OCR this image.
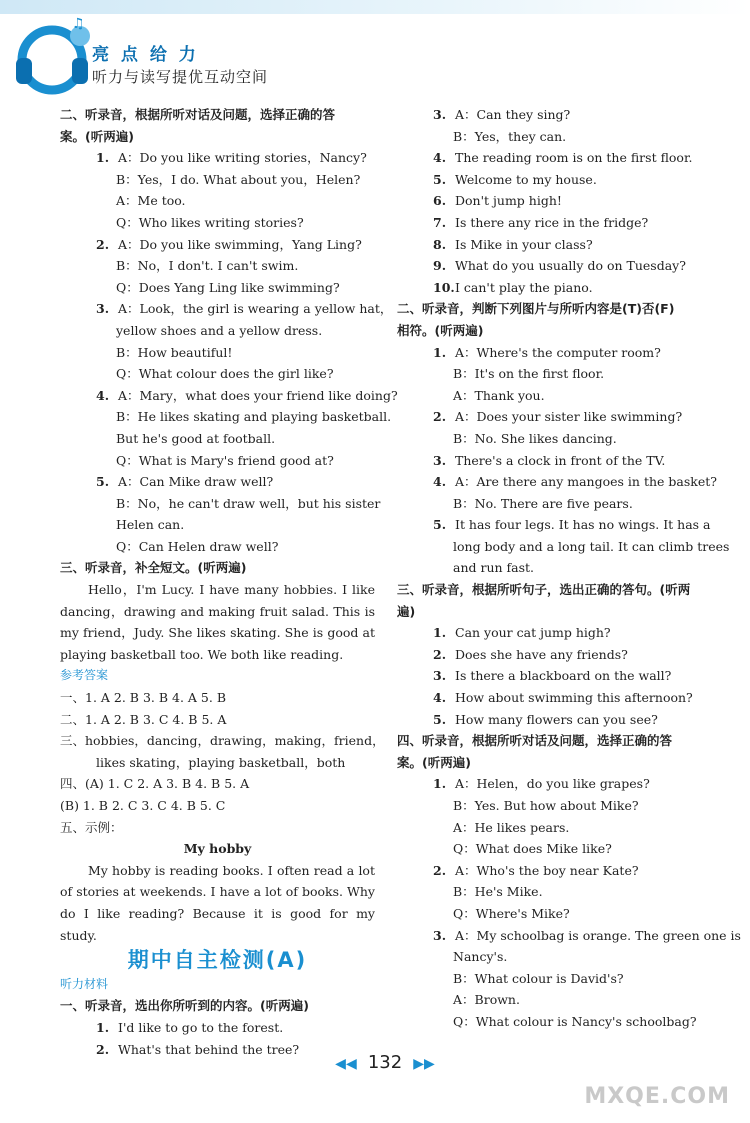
♫
亮 点 给 力
听力与读写提优互动空间
二、听录音，根据所听对话及问题，选择正确的答
案。(听两遍)
1. A：Do you like writing stories，Nancy?
B：Yes，I do. What about you，Helen?
A：Me too.
Q：Who likes writing stories?
2. A：Do you like swimming，Yang Ling?
B：No，I don't. I can't swim.
Q：Does Yang Ling like swimming?
3. A：Look，the girl is wearing a yellow hat，
yellow shoes and a yellow dress.
B：How beautiful!
Q：What colour does the girl like?
4. A：Mary，what does your friend like doing?
B：He likes skating and playing basketball.
But he's good at football.
Q：What is Mary's friend good at?
5. A：Can Mike draw well?
B：No，he can't draw well，but his sister
Helen can.
Q：Can Helen draw well?
三、听录音，补全短文。(听两遍)
Hello，I'm Lucy. I have many hobbies. I like dancing，drawing and making fruit salad. This is my friend，Judy. She likes skating. She is good at playing basketball too. We both like reading.
参考答案
一、1. A 2. B 3. B 4. A 5. B
二、1. A 2. B 3. C 4. B 5. A
三、hobbies，dancing，drawing，making，friend，
likes skating，playing basketball，both
四、(A) 1. C 2. A 3. B 4. B 5. A
(B) 1. B 2. C 3. C 4. B 5. C
五、示例：
My hobby
My hobby is reading books. I often read a lot of stories at weekends. I have a lot of books. Why do I like reading? Because it is good for my study.
期中自主检测(A)
听力材料
一、听录音，选出你所听到的内容。(听两遍)
1. I'd like to go to the forest.
2. What's that behind the tree?
3. A：Can they sing?
B：Yes，they can.
4. The reading room is on the first floor.
5. Welcome to my house.
6. Don't jump high!
7. Is there any rice in the fridge?
8. Is Mike in your class?
9. What do you usually do on Tuesday?
10.I can't play the piano.
二、听录音，判断下列图片与所听内容是(T)否(F)
相符。(听两遍)
1. A：Where's the computer room?
B：It's on the first floor.
A：Thank you.
2. A：Does your sister like swimming?
B：No. She likes dancing.
3. There's a clock in front of the TV.
4. A：Are there any mangoes in the basket?
B：No. There are five pears.
5. It has four legs. It has no wings. It has a
long body and a long tail. It can climb trees
and run fast.
三、听录音，根据所听句子，选出正确的答句。(听两
遍)
1. Can your cat jump high?
2. Does she have any friends?
3. Is there a blackboard on the wall?
4. How about swimming this afternoon?
5. How many flowers can you see?
四、听录音，根据所听对话及问题，选择正确的答
案。(听两遍)
1. A：Helen，do you like grapes?
B：Yes. But how about Mike?
A：He likes pears.
Q：What does Mike like?
2. A：Who's the boy near Kate?
B：He's Mike.
Q：Where's Mike?
3. A：My schoolbag is orange. The green one is
Nancy's.
B：What colour is David's?
A：Brown.
Q：What colour is Nancy's schoolbag?
◀◀ 132 ▶▶
MXQE.COM
